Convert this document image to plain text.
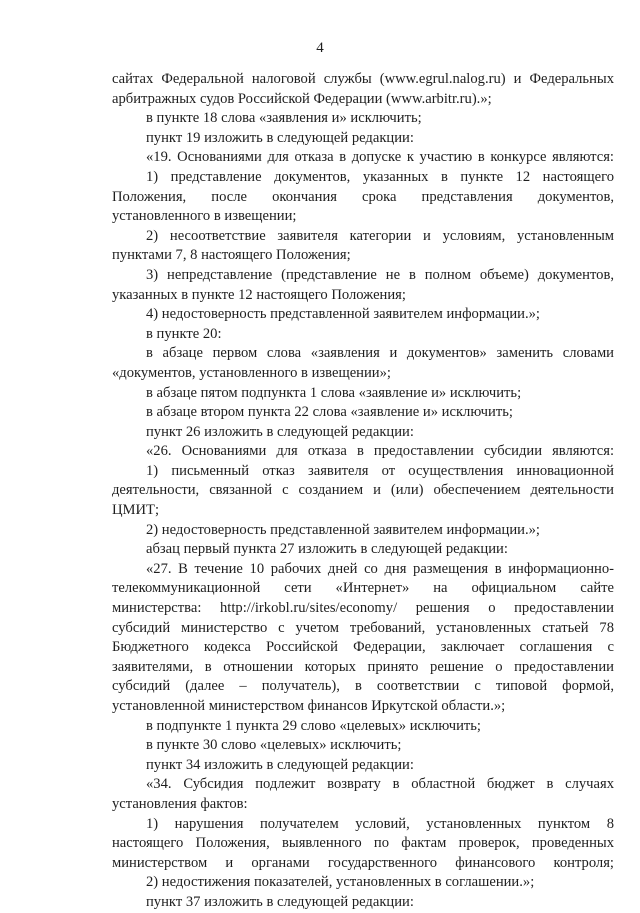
4
сайтах Федеральной налоговой службы (www.egrul.nalog.ru) и Федеральных
арбитражных судов Российской Федерации (www.arbitr.ru).»;
в пункте 18 слова «заявления и» исключить;
пункт 19 изложить в следующей редакции:
«19. Основаниями для отказа в допуске к участию в конкурсе являются:
1) представление документов, указанных в пункте 12 настоящего
Положения, после окончания срока представления документов,
установленного в извещении;
2) несоответствие заявителя категории и условиям, установленным
пунктами 7, 8 настоящего Положения;
3) непредставление (представление не в полном объеме) документов,
указанных в пункте 12 настоящего Положения;
4) недостоверность представленной заявителем информации.»;
в пункте 20:
в абзаце первом слова «заявления и документов» заменить словами
«документов, установленного в извещении»;
в абзаце пятом подпункта 1 слова «заявление и» исключить;
в абзаце втором пункта 22 слова «заявление и» исключить;
пункт 26 изложить в следующей редакции:
«26. Основаниями для отказа в предоставлении субсидии являются:
1) письменный отказ заявителя от осуществления инновационной
деятельности, связанной с созданием и (или) обеспечением деятельности
ЦМИТ;
2) недостоверность представленной заявителем информации.»;
абзац первый пункта 27 изложить в следующей редакции:
«27. В течение 10 рабочих дней со дня размещения в информационно-
телекоммуникационной сети «Интернет» на официальном сайте
министерства: http://irkobl.ru/sites/economy/ решения о предоставлении
субсидий министерство с учетом требований, установленных статьей 78
Бюджетного кодекса Российской Федерации, заключает соглашения с
заявителями, в отношении которых принято решение о предоставлении
субсидий (далее – получатель), в соответствии с типовой формой,
установленной министерством финансов Иркутской области.»;
в подпункте 1 пункта 29 слово «целевых» исключить;
в пункте 30 слово «целевых» исключить;
пункт 34 изложить в следующей редакции:
«34. Субсидия подлежит возврату в областной бюджет в случаях
установления фактов:
1) нарушения получателем условий, установленных пунктом 8
настоящего Положения, выявленного по фактам проверок, проведенных
министерством и органами государственного финансового контроля;
2) недостижения показателей, установленных в соглашении.»;
пункт 37 изложить в следующей редакции:
